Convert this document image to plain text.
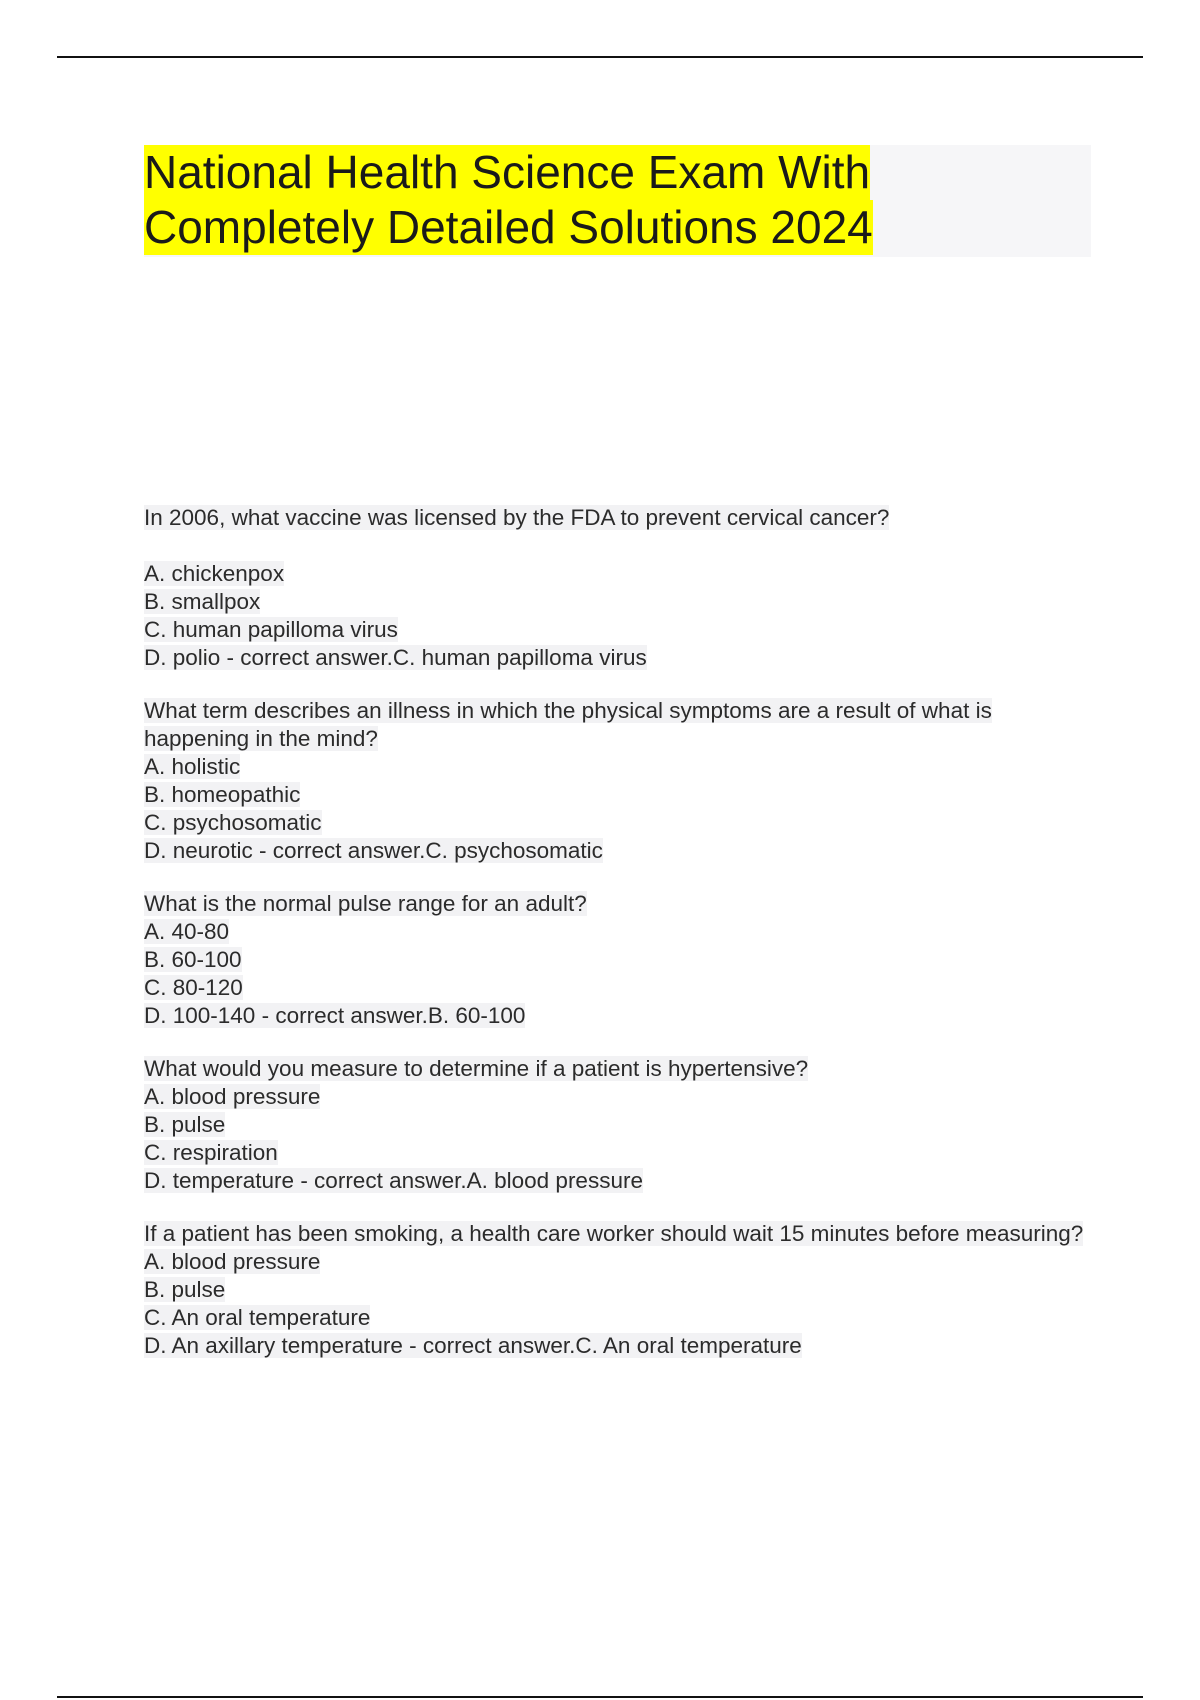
National Health Science Exam With
Completely Detailed Solutions 2024
In 2006, what vaccine was licensed by the FDA to prevent cervical cancer?
A. chickenpox
B. smallpox
C. human papilloma virus
D. polio - correct answer.C. human papilloma virus
What term describes an illness in which the physical symptoms are a result of what is happening in the mind?
A. holistic
B. homeopathic
C. psychosomatic
D. neurotic - correct answer.C. psychosomatic
What is the normal pulse range for an adult?
A. 40-80
B. 60-100
C. 80-120
D. 100-140 - correct answer.B. 60-100
What would you measure to determine if a patient is hypertensive?
A. blood pressure
B. pulse
C. respiration
D. temperature - correct answer.A. blood pressure
If a patient has been smoking, a health care worker should wait 15 minutes before measuring?
A. blood pressure
B. pulse
C. An oral temperature
D. An axillary temperature - correct answer.C. An oral temperature
